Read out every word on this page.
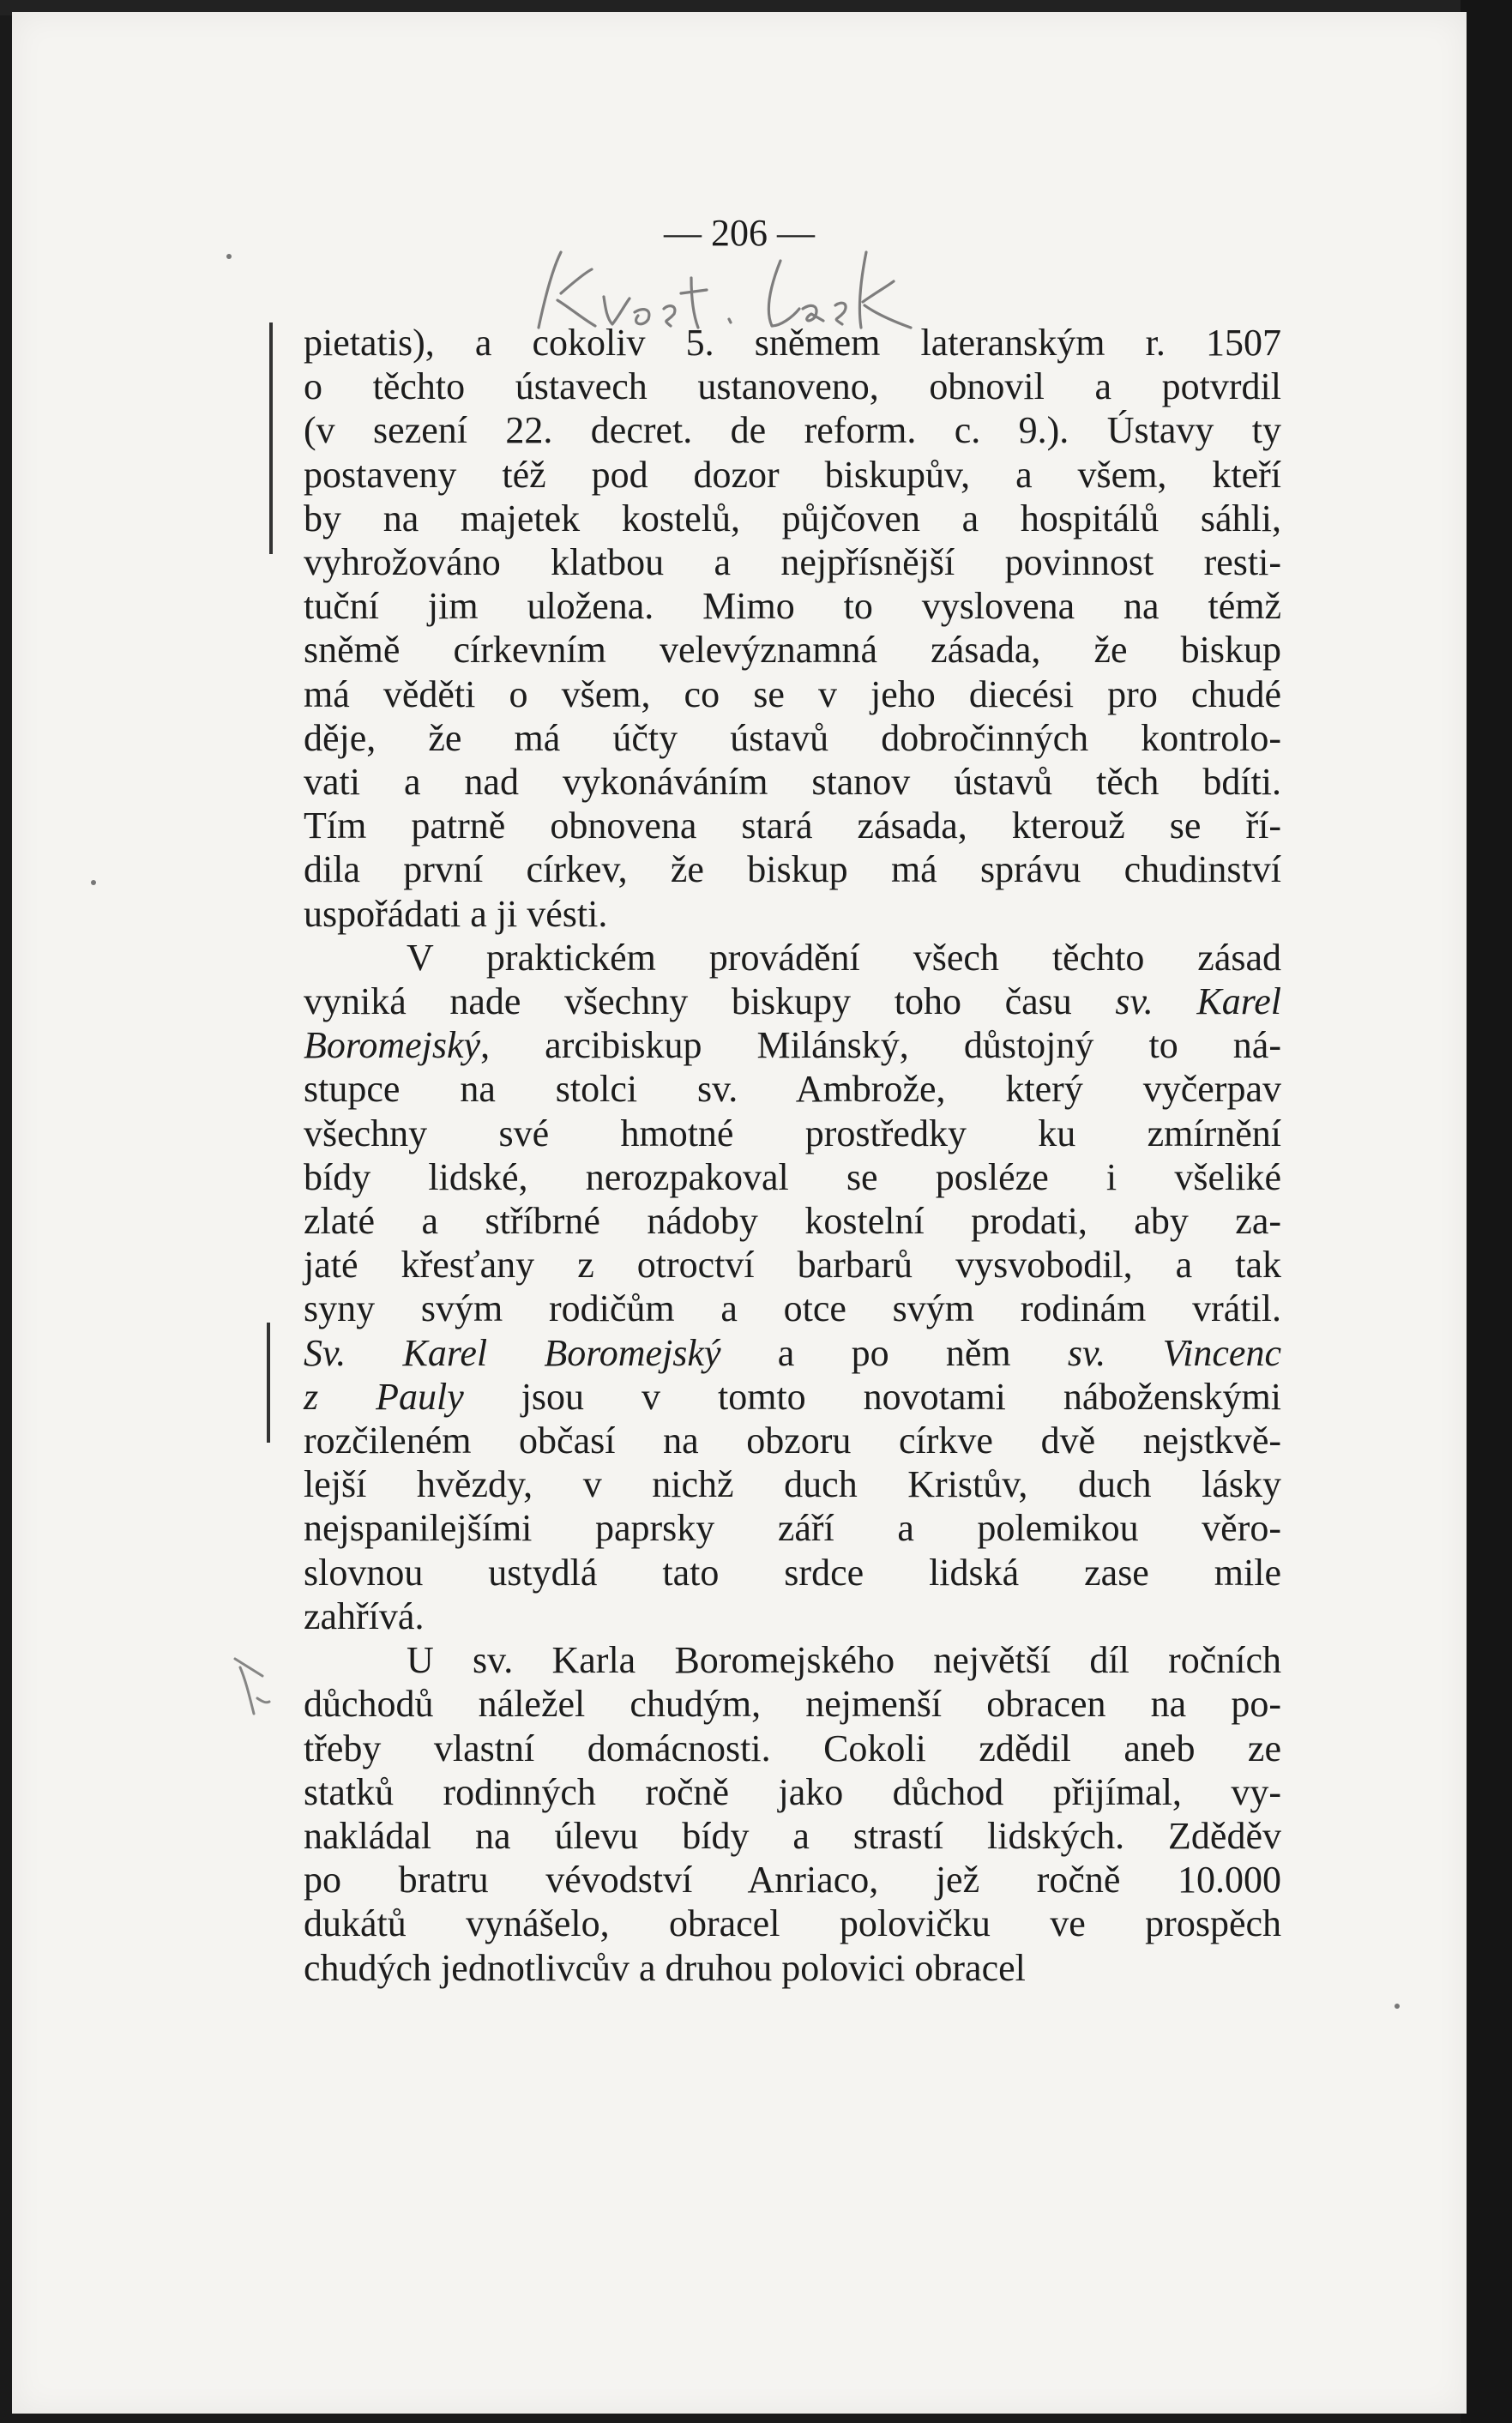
— 206 —
pietatis), a cokoliv 5. sněmem lateranským r. 1507
o těchto ústavech ustanoveno, obnovil a potvrdil
(v sezení 22. decret. de reform. c. 9.). Ústavy ty
postaveny též pod dozor biskupův, a všem, kteří
by na majetek kostelů, půjčoven a hospitálů sáhli,
vyhrožováno klatbou a nejpřísnější povinnost resti-
tuční jim uložena. Mimo to vyslovena na témž
sněmě církevním velevýznamná zásada, že biskup
má věděti o všem, co se v jeho diecési pro chudé
děje, že má účty ústavů dobročinných kontrolo-
vati a nad vykonáváním stanov ústavů těch bdíti.
Tím patrně obnovena stará zásada, kterouž se ří-
dila první církev, že biskup má správu chudinství
uspořádati a ji vésti.
V praktickém provádění všech těchto zásad
vyniká nade všechny biskupy toho času sv. Karel
Boromejský, arcibiskup Milánský, důstojný to ná-
stupce na stolci sv. Ambrože, který vyčerpav
všechny své hmotné prostředky ku zmírnění
bídy lidské, nerozpakoval se posléze i všeliké
zlaté a stříbrné nádoby kostelní prodati, aby za-
jaté křesťany z otroctví barbarů vysvobodil, a tak
syny svým rodičům a otce svým rodinám vrátil.
Sv. Karel Boromejský a po něm sv. Vincenc
z Pauly jsou v tomto novotami náboženskými
rozčileném občasí na obzoru církve dvě nejstkvě-
lejší hvězdy, v nichž duch Kristův, duch lásky
nejspanilejšími paprsky září a polemikou věro-
slovnou ustydlá tato srdce lidská zase mile
zahřívá.
U sv. Karla Boromejského největší díl ročních
důchodů náležel chudým, nejmenší obracen na po-
třeby vlastní domácnosti. Cokoli zdědil aneb ze
statků rodinných ročně jako důchod přijímal, vy-
nakládal na úlevu bídy a strastí lidských. Zděděv
po bratru vévodství Anriaco, jež ročně 10.000
dukátů vynášelo, obracel polovičku ve prospěch
chudých jednotlivcův a druhou polovici obracel
